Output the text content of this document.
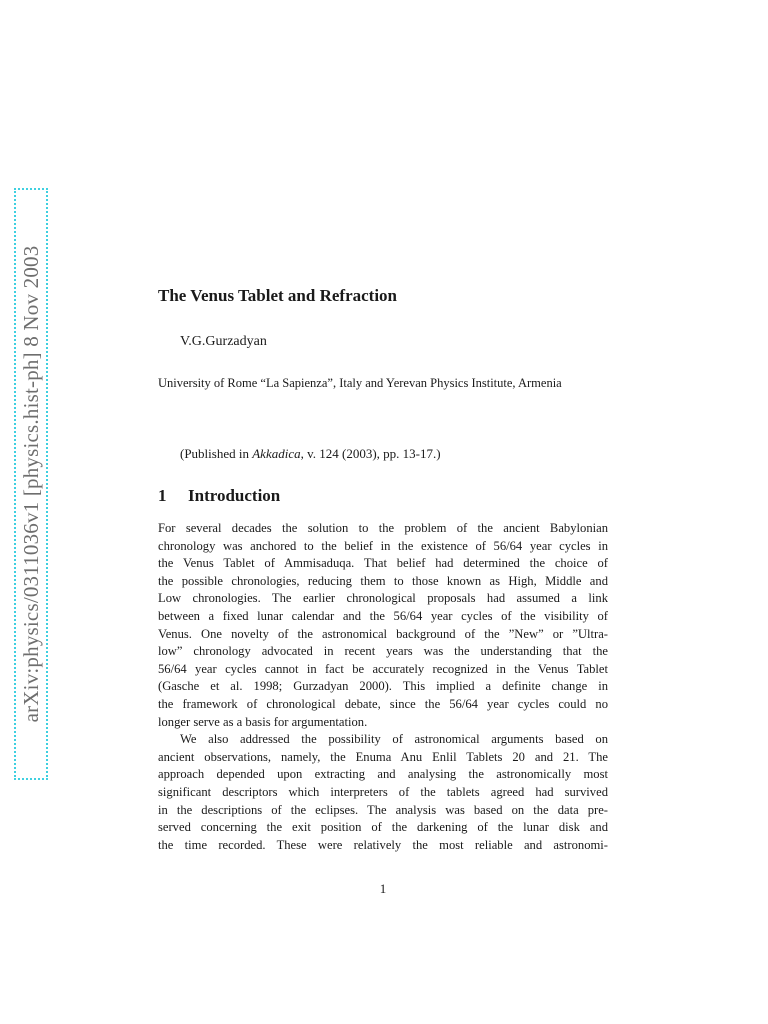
arXiv:physics/0311036v1 [physics.hist-ph] 8 Nov 2003	The Venus Tablet and Refraction
V.G.Gurzadyan
University of Rome “La Sapienza”, Italy and Yerevan Physics Institute, Armenia
(Published in Akkadica, v. 124 (2003), pp. 13-17.)
1 Introduction
For several decades the solution to the problem of the ancient Babylonian
chronology was anchored to the belief in the existence of 56/64 year cycles in
the Venus Tablet of Ammisaduqa. That belief had determined the choice of
the possible chronologies, reducing them to those known as High, Middle and
Low chronologies. The earlier chronological proposals had assumed a link
between a fixed lunar calendar and the 56/64 year cycles of the visibility of
Venus. One novelty of the astronomical background of the ”New” or ”Ultra-
low” chronology advocated in recent years was the understanding that the
56/64 year cycles cannot in fact be accurately recognized in the Venus Tablet
(Gasche et al. 1998; Gurzadyan 2000). This implied a definite change in
the framework of chronological debate, since the 56/64 year cycles could no
longer serve as a basis for argumentation.
We also addressed the possibility of astronomical arguments based on
ancient observations, namely, the Enuma Anu Enlil Tablets 20 and 21. The
approach depended upon extracting and analysing the astronomically most
significant descriptors which interpreters of the tablets agreed had survived
in the descriptions of the eclipses. The analysis was based on the data pre-
served concerning the exit position of the darkening of the lunar disk and
the time recorded. These were relatively the most reliable and astronomi-
1
